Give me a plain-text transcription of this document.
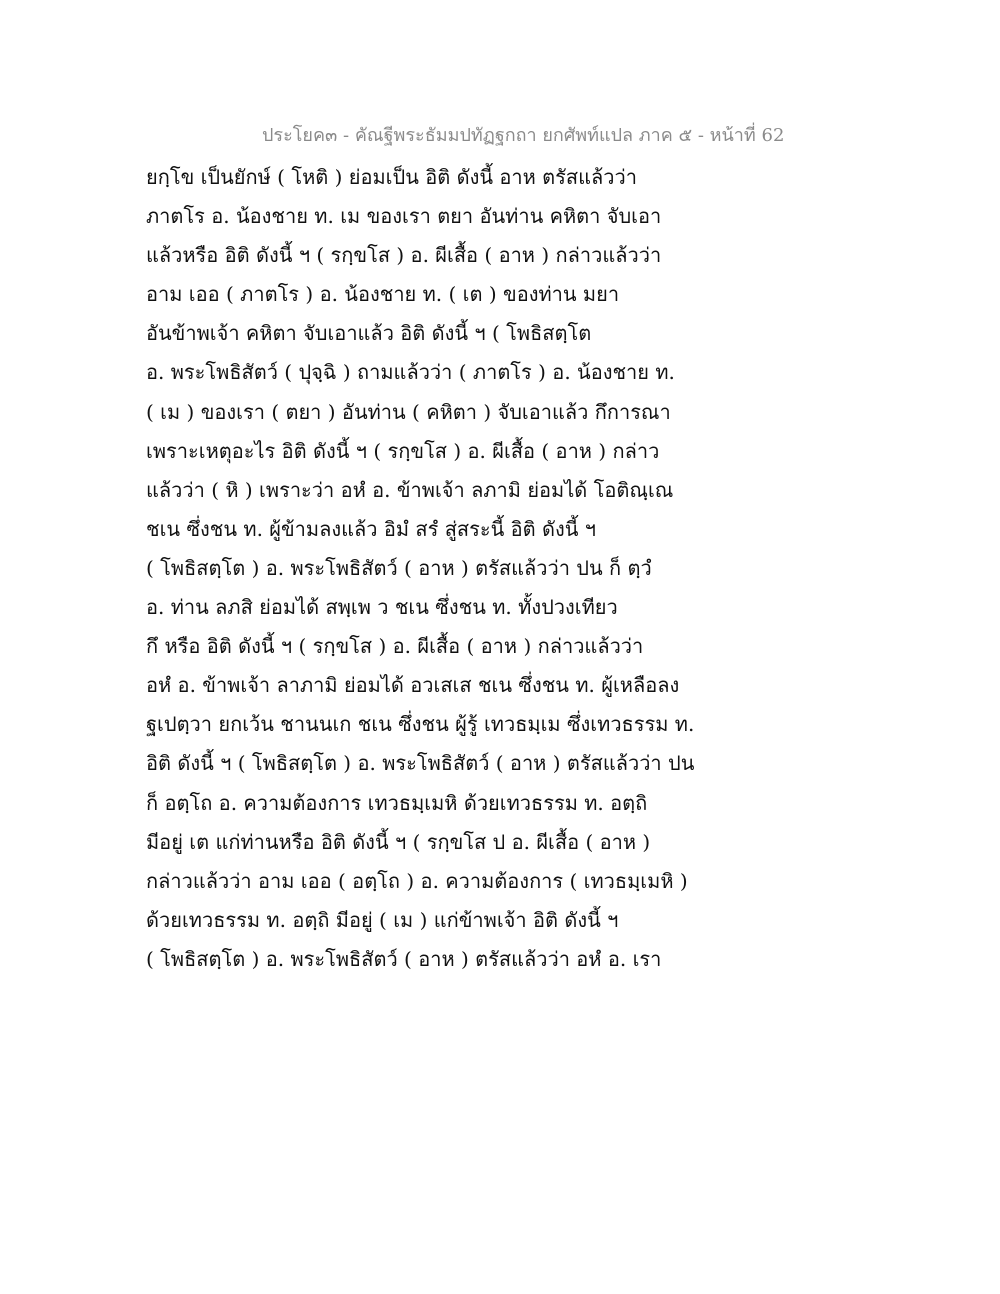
ประโยค๓ - คัณฐีพระธัมมปทัฏฐกถา ยกศัพท์แปล ภาค ๕ - หน้าที่ 62
ยกฺโข เป็นยักษ์ ( โหติ ) ย่อมเป็น อิติ ดังนี้ อาห ตรัสแล้วว่า
ภาตโร อ. น้องชาย ท. เม ของเรา ตยา อันท่าน คหิตา จับเอา
แล้วหรือ อิติ ดังนี้ ฯ ( รกฺขโส ) อ. ผีเสื้อ ( อาห ) กล่าวแล้วว่า
อาม เออ ( ภาตโร ) อ. น้องชาย ท. ( เต ) ของท่าน มยา
อันข้าพเจ้า คหิตา จับเอาแล้ว อิติ ดังนี้ ฯ ( โพธิสตฺโต
อ. พระโพธิสัตว์ ( ปุจฺฉิ ) ถามแล้วว่า ( ภาตโร ) อ. น้องชาย ท.
( เม ) ของเรา ( ตยา ) อันท่าน ( คหิตา ) จับเอาแล้ว กึการณา
เพราะเหตุอะไร อิติ ดังนี้ ฯ ( รกฺขโส ) อ. ผีเสื้อ ( อาห ) กล่าว
แล้วว่า ( หิ ) เพราะว่า อหํ อ. ข้าพเจ้า ลภามิ ย่อมได้ โอติณฺเณ
ชเน ซึ่งชน ท. ผู้ข้ามลงแล้ว อิมํ สรํ สู่สระนี้ อิติ ดังนี้ ฯ
( โพธิสตฺโต ) อ. พระโพธิสัตว์ ( อาห ) ตรัสแล้วว่า ปน ก็ ตฺวํ
อ. ท่าน ลภสิ ย่อมได้ สพฺเพ ว ชเน ซึ่งชน ท. ทั้งปวงเทียว
กึ หรือ อิติ ดังนี้ ฯ ( รกฺขโส ) อ. ผีเสื้อ ( อาห ) กล่าวแล้วว่า
อหํ อ. ข้าพเจ้า ลาภามิ ย่อมได้ อวเสเส ชเน ซึ่งชน ท. ผู้เหลือลง
ฐเปตฺวา ยกเว้น ชานนเก ชเน ซึ่งชน ผู้รู้ เทวธมฺเม ซึ่งเทวธรรม ท.
อิติ ดังนี้ ฯ ( โพธิสตฺโต ) อ. พระโพธิสัตว์ ( อาห ) ตรัสแล้วว่า ปน
ก็ อตฺโถ อ. ความต้องการ เทวธมฺเมหิ ด้วยเทวธรรม ท. อตฺถิ
มีอยู่ เต แก่ท่านหรือ อิติ ดังนี้ ฯ ( รกฺขโส ป อ. ผีเสื้อ ( อาห )
กล่าวแล้วว่า อาม เออ ( อตฺโถ ) อ. ความต้องการ ( เทวธมฺเมหิ )
ด้วยเทวธรรม ท. อตฺถิ มีอยู่ ( เม ) แก่ข้าพเจ้า อิติ ดังนี้ ฯ
( โพธิสตฺโต ) อ. พระโพธิสัตว์ ( อาห ) ตรัสแล้วว่า อหํ อ. เรา
